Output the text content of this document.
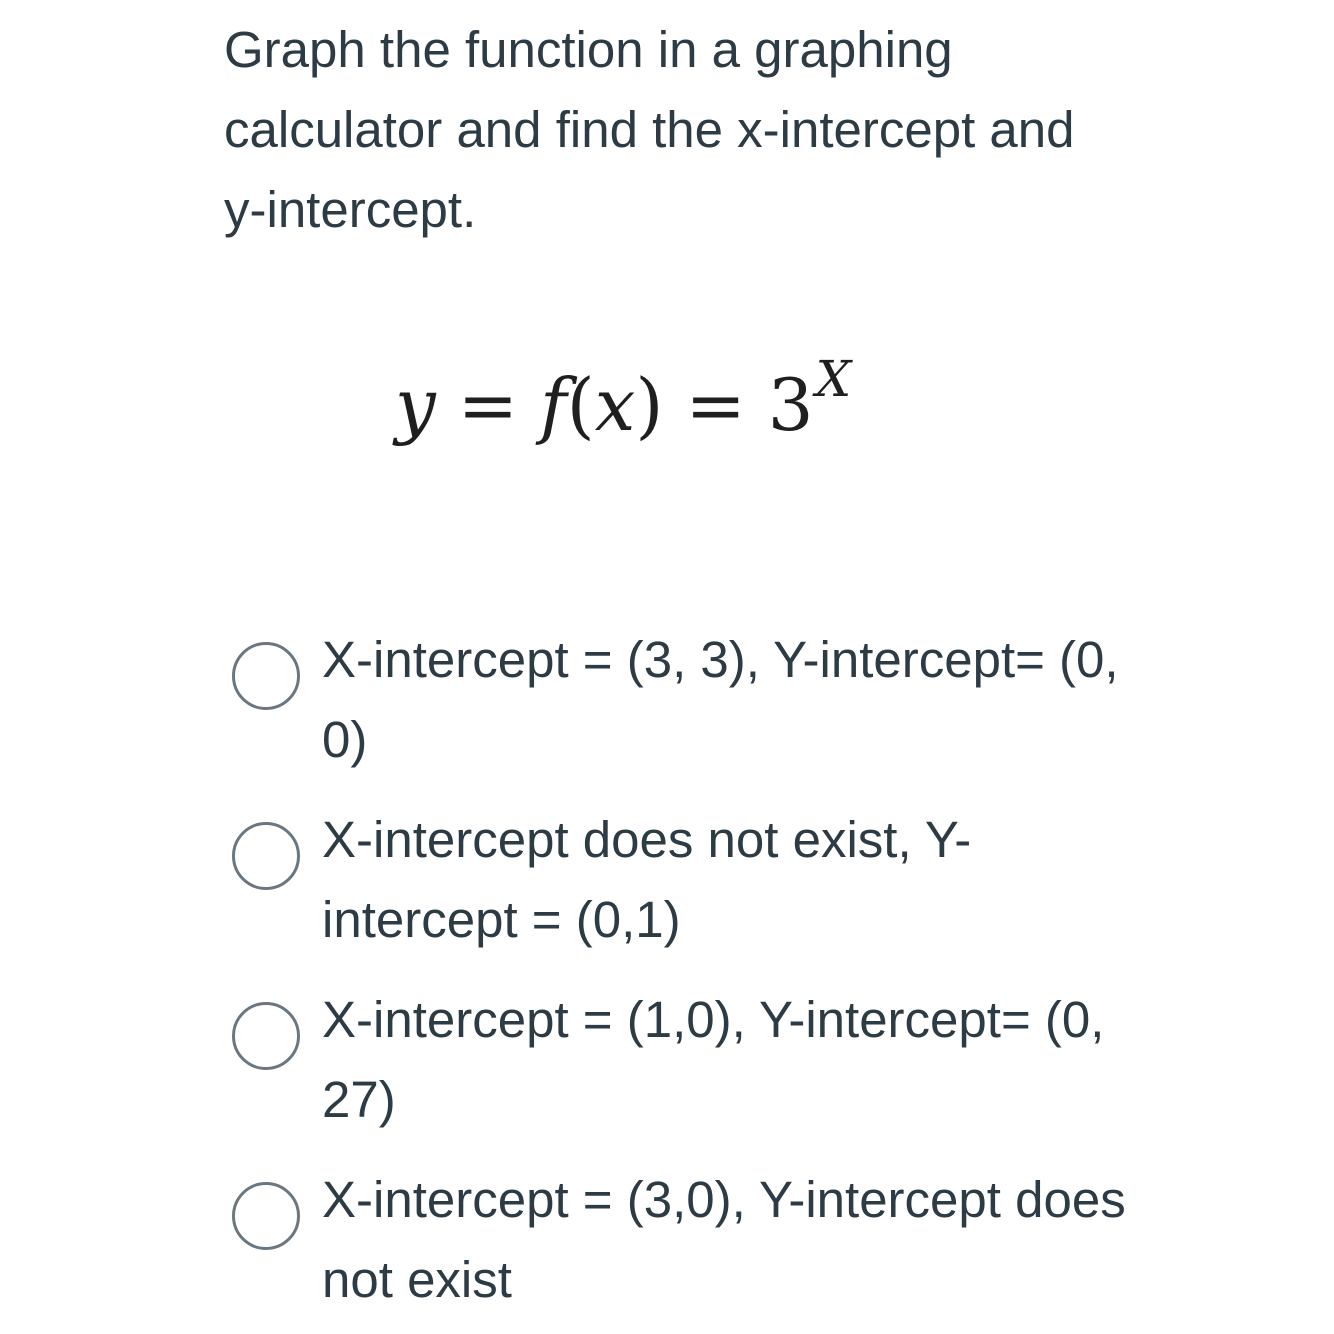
Graph the function in a graphing calculator and find the x-intercept and y-intercept.
$y = f(x) = 3^X$
X-intercept = (3, 3), Y-intercept= (0, 0)
X-intercept does not exist, Y-intercept = (0,1)
X-intercept = (1,0), Y-intercept= (0, 27)
X-intercept = (3,0), Y-intercept does not exist
